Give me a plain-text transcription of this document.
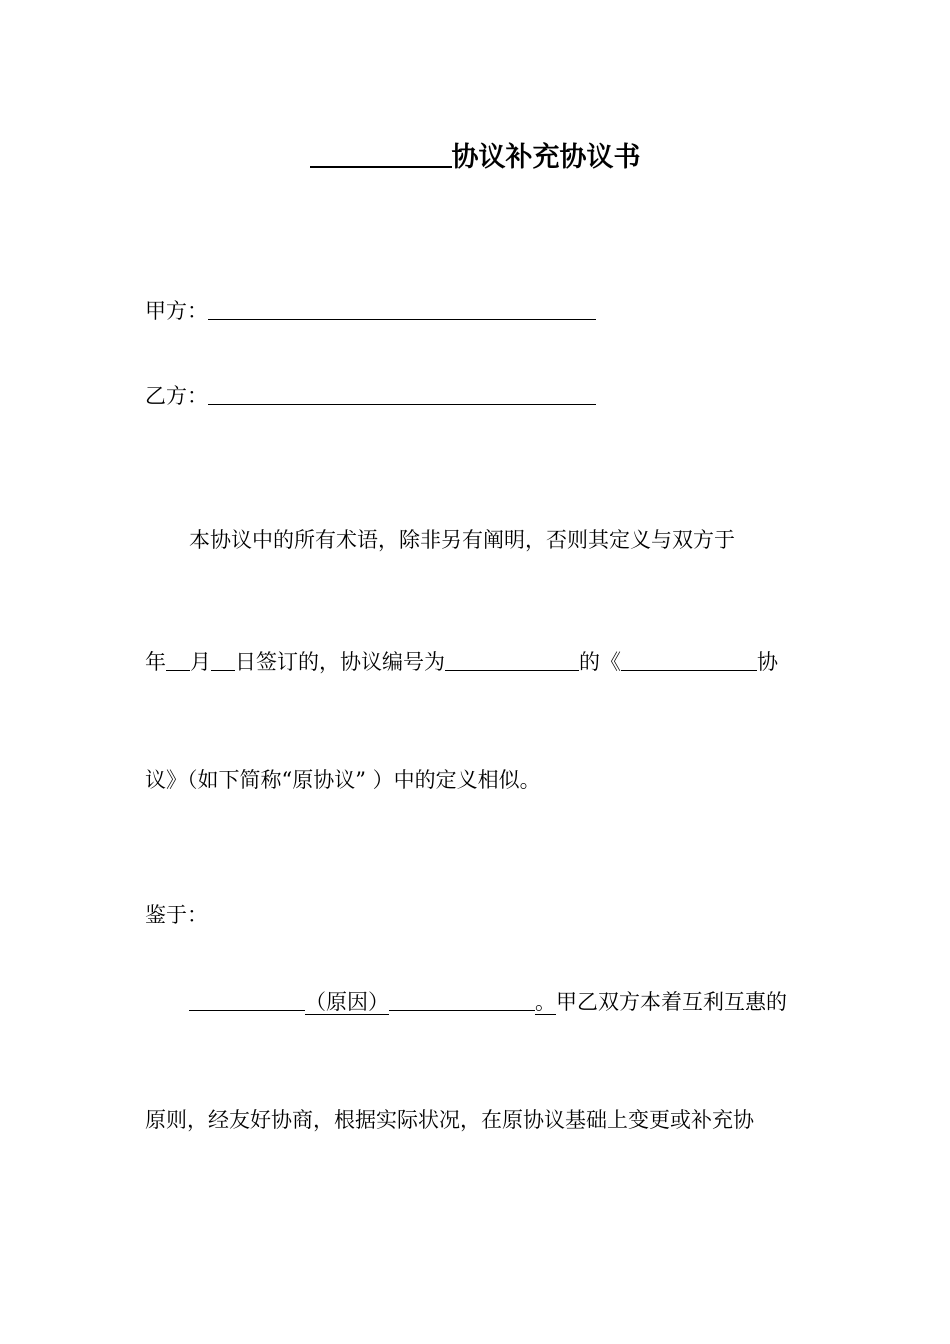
协议补充协议书
甲方：
乙方：
本协议中的所有术语，除非另有阐明，否则其定义与双方于
年 月 日签订的，协议编号为	的《	协
议》（如下简称“原协议” ）中的定义相似。
鉴于：
（原因）	。甲乙双方本着互利互惠的
原则，经友好协商，根据实际状况，在原协议基础上变更或补充协
